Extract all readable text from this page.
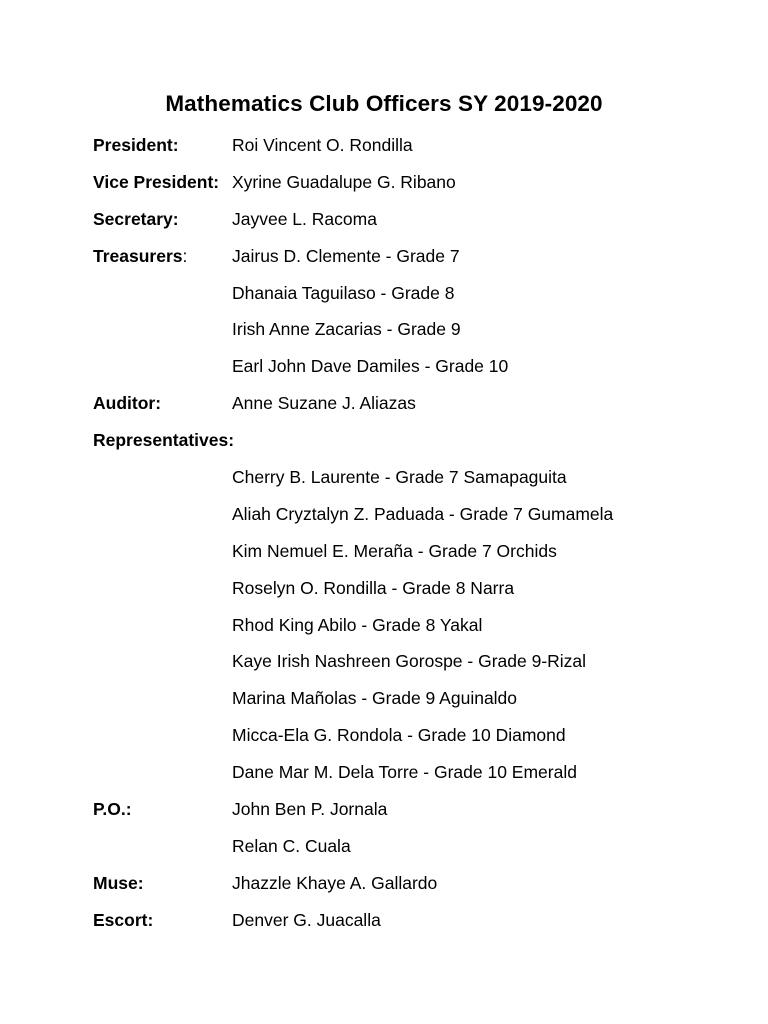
Mathematics Club Officers SY 2019-2020
President:	Roi Vincent O. Rondilla
Vice President: Xyrine Guadalupe G. Ribano
Secretary:	Jayvee L. Racoma
Treasurers:	Jairus D. Clemente - Grade 7
Dhanaia Taguilaso - Grade 8
Irish Anne Zacarias - Grade 9
Earl John Dave Damiles - Grade 10
Auditor:	Anne Suzane J. Aliazas
Representatives:
Cherry B. Laurente - Grade 7 Samapaguita
Aliah Cryztalyn Z. Paduada - Grade 7 Gumamela
Kim Nemuel E. Meraña - Grade 7 Orchids
Roselyn O. Rondilla - Grade 8 Narra
Rhod King Abilo - Grade 8 Yakal
Kaye Irish Nashreen Gorospe - Grade 9-Rizal
Marina Mañolas - Grade 9 Aguinaldo
Micca-Ela G. Rondola - Grade 10 Diamond
Dane Mar M. Dela Torre - Grade 10 Emerald
P.O.:	John Ben P. Jornala
Relan C. Cuala
Muse:	Jhazzle Khaye A. Gallardo
Escort:	Denver G. Juacalla
